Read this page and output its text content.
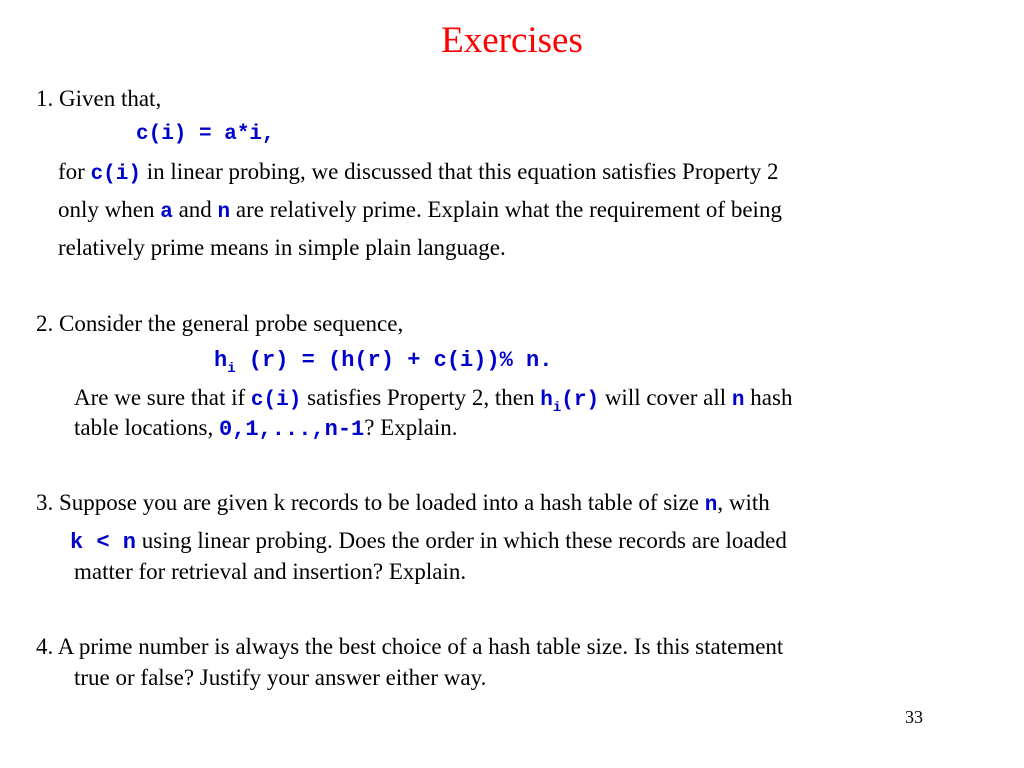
Exercises
1. Given that,
c(i) = a*i,
for c(i) in linear probing, we discussed that this equation satisfies Property 2
only when a and n are relatively prime. Explain what the requirement of being
relatively prime means in simple plain language.
2. Consider the general probe sequence,
$h_i$ (r) = (h(r) + c(i))% n.
Are we sure that if c(i) satisfies Property 2, then $h_i(r)$ will cover all n hash
table locations, 0,1,...,n-1? Explain.
3. Suppose you are given k records to be loaded into a hash table of size n, with
k < n using linear probing. Does the order in which these records are loaded
matter for retrieval and insertion? Explain.
4. A prime number is always the best choice of a hash table size. Is this statement
true or false? Justify your answer either way.
33
